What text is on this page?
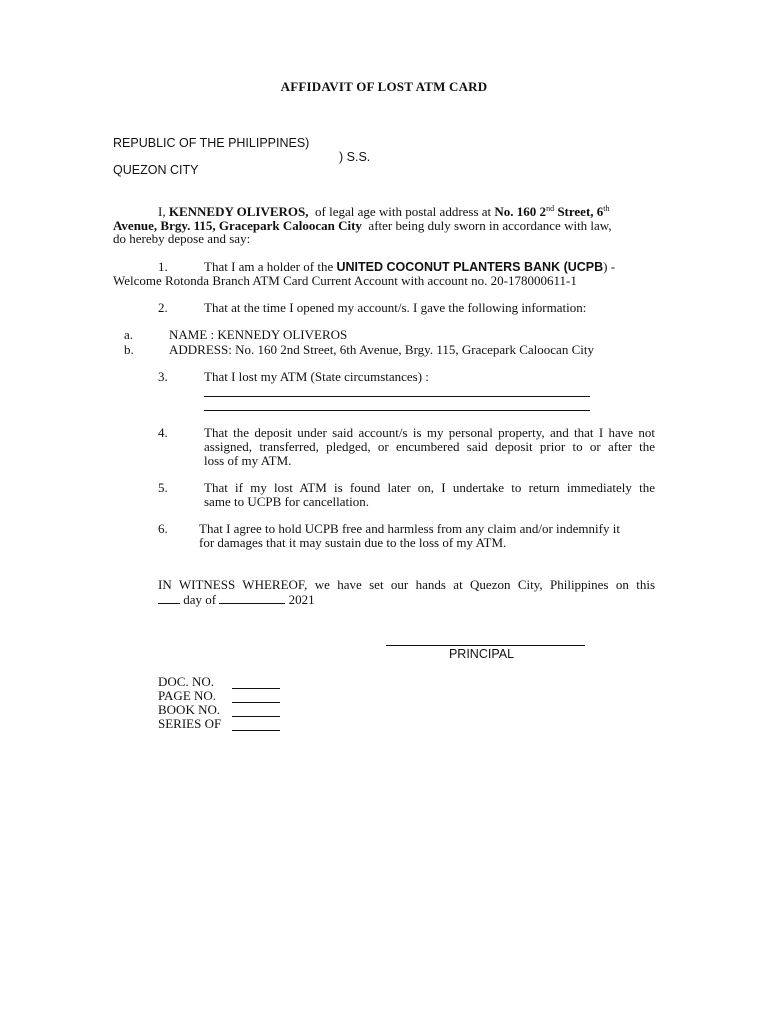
AFFIDAVIT OF LOST ATM CARD
REPUBLIC OF THE PHILIPPINES)
) S.S.
QUEZON CITY
I, KENNEDY OLIVEROS, of legal age with postal address at No. 160 2nd Street, 6th
Avenue, Brgy. 115, Gracepark Caloocan City after being duly sworn in accordance with law,
do hereby depose and say:
1.	That I am a holder of the UNITED COCONUT PLANTERS BANK (UCPB) -
Welcome Rotonda Branch ATM Card Current Account with account no. 20-178000611-1
2.	That at the time I opened my account/s. I gave the following information:
a.	NAME : KENNEDY OLIVEROS
b.	ADDRESS: No. 160 2nd Street, 6th Avenue, Brgy. 115, Gracepark Caloocan City
3.	That I lost my ATM (State circumstances) :
4.	That the deposit under said account/s is my personal property, and that I have not
assigned, transferred, pledged, or encumbered said deposit prior to or after the
loss of my ATM.
5.	That if my lost ATM is found later on, I undertake to return immediately the
same to UCPB for cancellation.
6. That I agree to hold UCPB free and harmless from any claim and/or indemnify it
for damages that it may sustain due to the loss of my ATM.
IN WITNESS WHEREOF, we have set our hands at Quezon City, Philippines on this
day of	2021
PRINCIPAL
DOC. NO.
PAGE NO.
BOOK NO.
SERIES OF
